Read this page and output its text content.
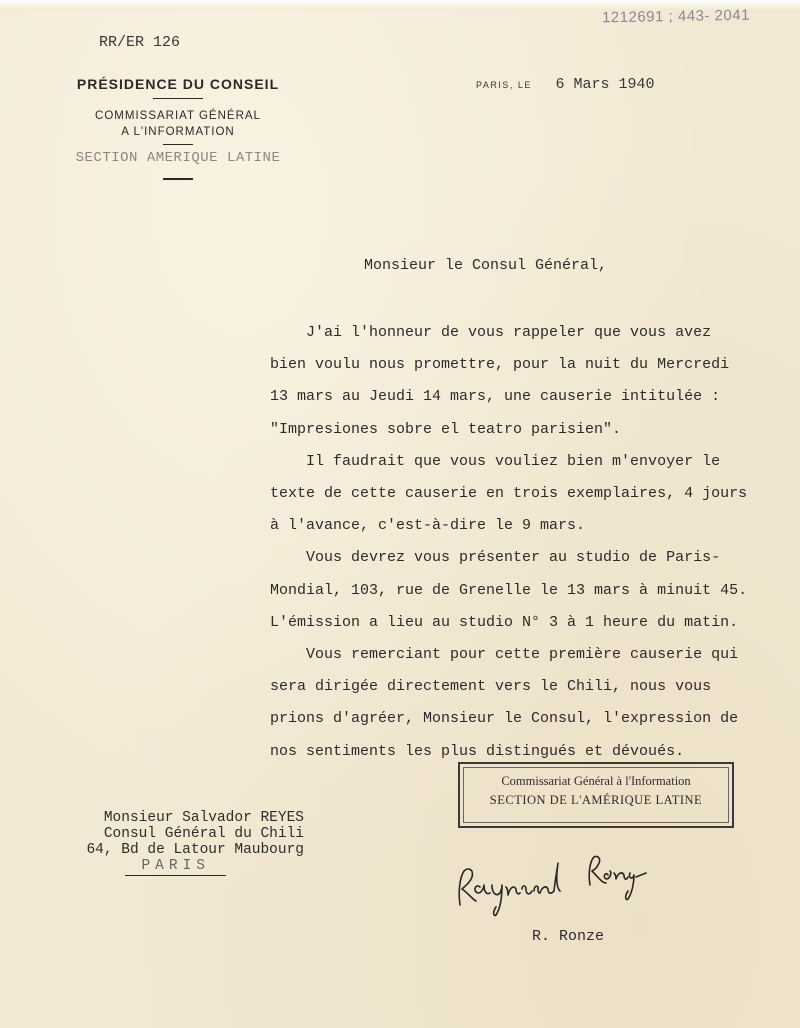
1212691 ; 443- 2041
RR/ER 126
PRÉSIDENCE DU CONSEIL
COMMISSARIAT GÉNÉRAL
A L'INFORMATION
SECTION AMERIQUE LATINE
PARIS, LE 6 Mars 1940
Monsieur le Consul Général,
J'ai l'honneur de vous rappeler que vous avez
bien voulu nous promettre, pour la nuit du Mercredi
13 mars au Jeudi 14 mars, une causerie intitulée :
"Impresiones sobre el teatro parisien".
Il faudrait que vous vouliez bien m'envoyer le
texte de cette causerie en trois exemplaires, 4 jours
à l'avance, c'est-à-dire le 9 mars.
Vous devrez vous présenter au studio de Paris-
Mondial, 103, rue de Grenelle le 13 mars à minuit 45.
L'émission a lieu au studio N° 3 à 1 heure du matin.
Vous remerciant pour cette première causerie qui
sera dirigée directement vers le Chili, nous vous
prions d'agréer, Monsieur le Consul, l'expression de
nos sentiments les plus distingués et dévoués.
Monsieur Salvador REYES
Consul Général du Chili
64, Bd de Latour Maubourg
PARIS
Commissariat Général à l'Information
SECTION DE L'AMÉRIQUE LATINE
R. Ronze
